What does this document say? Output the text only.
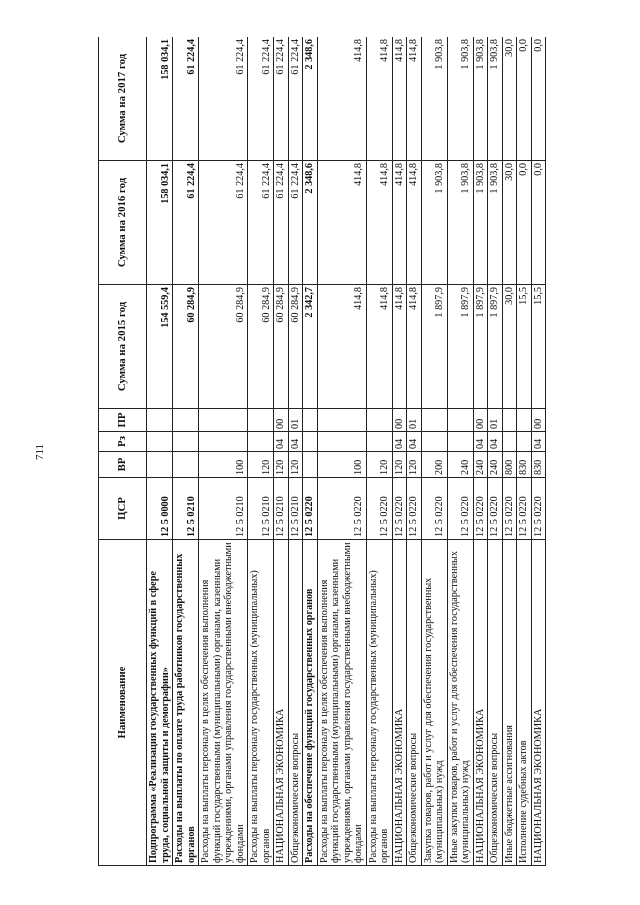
711
Наименование	ЦСР	ВР	Рз	ПР	Сумма на 2015 год	Сумма на 2016 год	Сумма на 2017 год
Подпрограмма «Реализация государственных функций в сфере труда, социальной защиты и демографии»	12 5 0000				154 559,4	158 034,1	158 034,1
Расходы на выплаты по оплате труда работников государственных органов	12 5 0210				60 284,9	61 224,4	61 224,4
Расходы на выплаты персоналу в целях обеспечения выполнения функций государственными (муниципальными) органами, казенными учреждениями, органами управления государственными внебюджетными фондами	12 5 0210	100			60 284,9	61 224,4	61 224,4
Расходы на выплаты персоналу государственных (муниципальных) органов	12 5 0210	120			60 284,9	61 224,4	61 224,4
НАЦИОНАЛЬНАЯ ЭКОНОМИКА	12 5 0210	120	04	00	60 284,9	61 224,4	61 224,4
Общеэкономические вопросы	12 5 0210	120	04	01	60 284,9	61 224,4	61 224,4
Расходы на обеспечение функций государственных органов	12 5 0220				2 342,7	2 348,6	2 348,6
Расходы на выплаты персоналу в целях обеспечения выполнения функций государственными (муниципальными) органами, казенными учреждениями, органами управления государственными внебюджетными фондами	12 5 0220	100			414,8	414,8	414,8
Расходы на выплаты персоналу государственных (муниципальных) органов	12 5 0220	120			414,8	414,8	414,8
НАЦИОНАЛЬНАЯ ЭКОНОМИКА	12 5 0220	120	04	00	414,8	414,8	414,8
Общеэкономические вопросы	12 5 0220	120	04	01	414,8	414,8	414,8
Закупка товаров, работ и услуг для обеспечения государственных (муниципальных) нужд	12 5 0220	200			1 897,9	1 903,8	1 903,8
Иные закупки товаров, работ и услуг для обеспечения государственных (муниципальных) нужд	12 5 0220	240			1 897,9	1 903,8	1 903,8
НАЦИОНАЛЬНАЯ ЭКОНОМИКА	12 5 0220	240	04	00	1 897,9	1 903,8	1 903,8
Общеэкономические вопросы	12 5 0220	240	04	01	1 897,9	1 903,8	1 903,8
Иные бюджетные ассигнования	12 5 0220	800			30,0	30,0	30,0
Исполнение судебных актов	12 5 0220	830			15,5	0,0	0,0
НАЦИОНАЛЬНАЯ ЭКОНОМИКА	12 5 0220	830	04	00	15,5	0,0	0,0
